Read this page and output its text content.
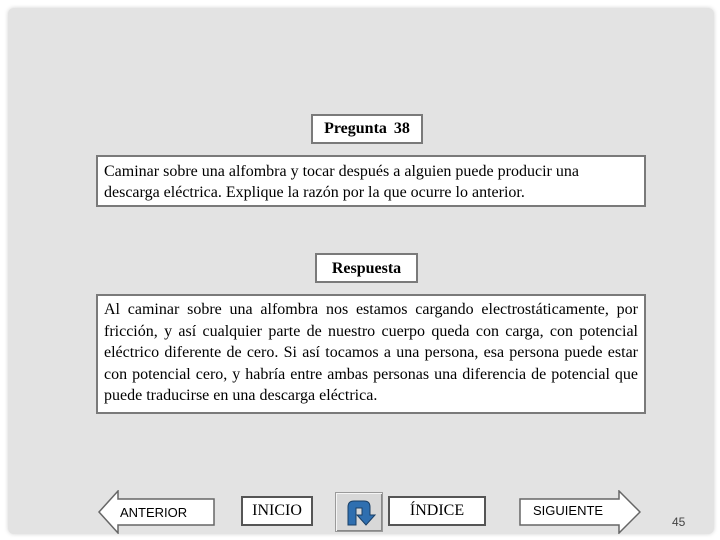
Pregunta 38
Caminar sobre una alfombra y tocar después a alguien puede producir una descarga eléctrica. Explique la razón por la que ocurre lo anterior.
Respuesta
Al caminar sobre una alfombra nos estamos cargando electrostáticamente, por fricción, y así cualquier parte de nuestro cuerpo queda con carga, con potencial eléctrico diferente de cero. Si así tocamos a una persona, esa persona puede estar con potencial cero, y habría entre ambas personas una diferencia de potencial que puede traducirse en una descarga eléctrica.
ANTERIOR	INICIO	ÍNDICE	SIGUIENTE
45
